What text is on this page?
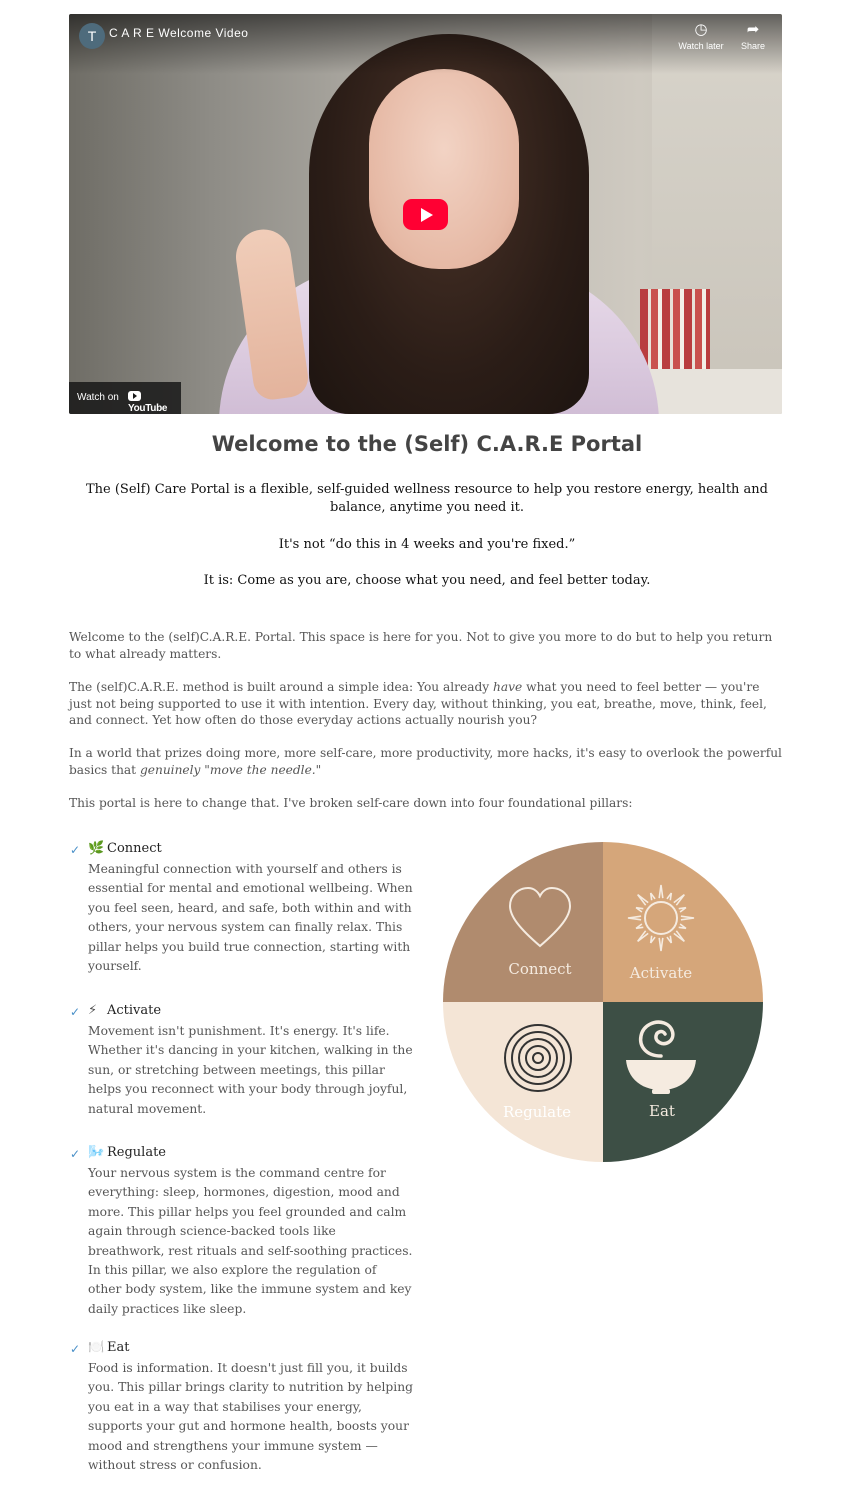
T	C A R E Welcome Video	◷
Watch later
➦
Share
Watch on
YouTube
Welcome to the (Self) C.A.R.E Portal

The (Self) Care Portal is a flexible, self-guided wellness resource to help you restore energy, health and balance, anytime you need it.

It's not “do this in 4 weeks and you're fixed.”

It is: Come as you are, choose what you need, and feel better today.

Welcome to the (self)C.A.R.E. Portal. This space is here for you. Not to give you more to do but to help you return to what already matters.

The (self)C.A.R.E. method is built around a simple idea: You already have what you need to feel better — you're just not being supported to use it with intention. Every day, without thinking, you eat, breathe, move, think, feel, and connect. Yet how often do those everyday actions actually nourish you?

In a world that prizes doing more, more self-care, more productivity, more hacks, it's easy to overlook the powerful basics that genuinely "move the needle."

This portal is here to change that. I've broken self-care down into four foundational pillars:

✓ 🌿 Connect

Meaningful connection with yourself and others is essential for mental and emotional wellbeing. When you feel seen, heard, and safe, both within and with others, your nervous system can finally relax. This pillar helps you build true connection, starting with yourself.

✓ ⚡ Activate

Movement isn't punishment. It's energy. It's life. Whether it's dancing in your kitchen, walking in the sun, or stretching between meetings, this pillar helps you reconnect with your body through joyful, natural movement.

✓ 🌬️ Regulate

Your nervous system is the command centre for everything: sleep, hormones, digestion, mood and more. This pillar helps you feel grounded and calm again through science-backed tools like breathwork, rest rituals and self-soothing practices. In this pillar, we also explore the regulation of other body system, like the immune system and key daily practices like sleep.

✓ 🍽️ Eat

Food is information. It doesn't just fill you, it builds you. This pillar brings clarity to nutrition by helping you eat in a way that stabilises your energy, supports your gut and hormone health, boosts your mood and strengthens your immune system — without stress or confusion.

Connect	Activate
Regulate	Eat
